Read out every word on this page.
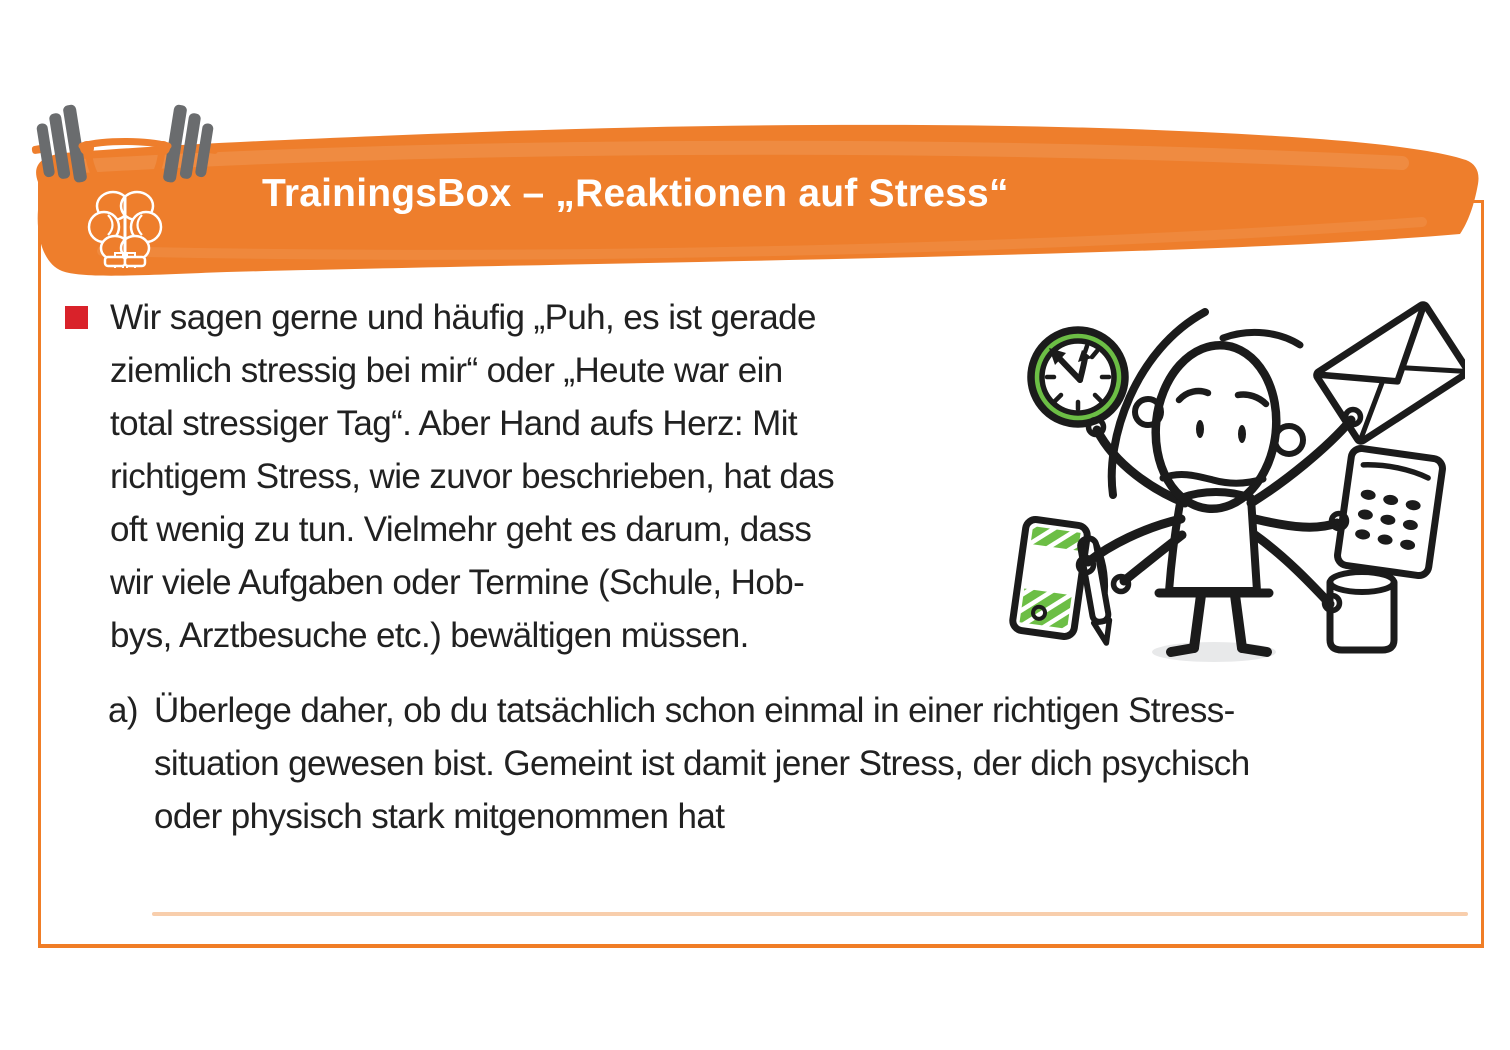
TrainingsBox – „Reaktionen auf Stress“
Wir sagen gerne und häufig „Puh, es ist gerade
ziemlich stressig bei mir“ oder „Heute war ein
total stressiger Tag“. Aber Hand aufs Herz: Mit
richtigem Stress, wie zuvor beschrieben, hat das
oft wenig zu tun. Vielmehr geht es darum, dass
wir viele Aufgaben oder Termine (Schule, Hob-
bys, Arztbesuche etc.) bewältigen müssen.
a) Überlege daher, ob du tatsächlich schon einmal in einer richtigen Stress-
situation gewesen bist. Gemeint ist damit jener Stress, der dich psychisch
oder physisch stark mitgenommen hat
